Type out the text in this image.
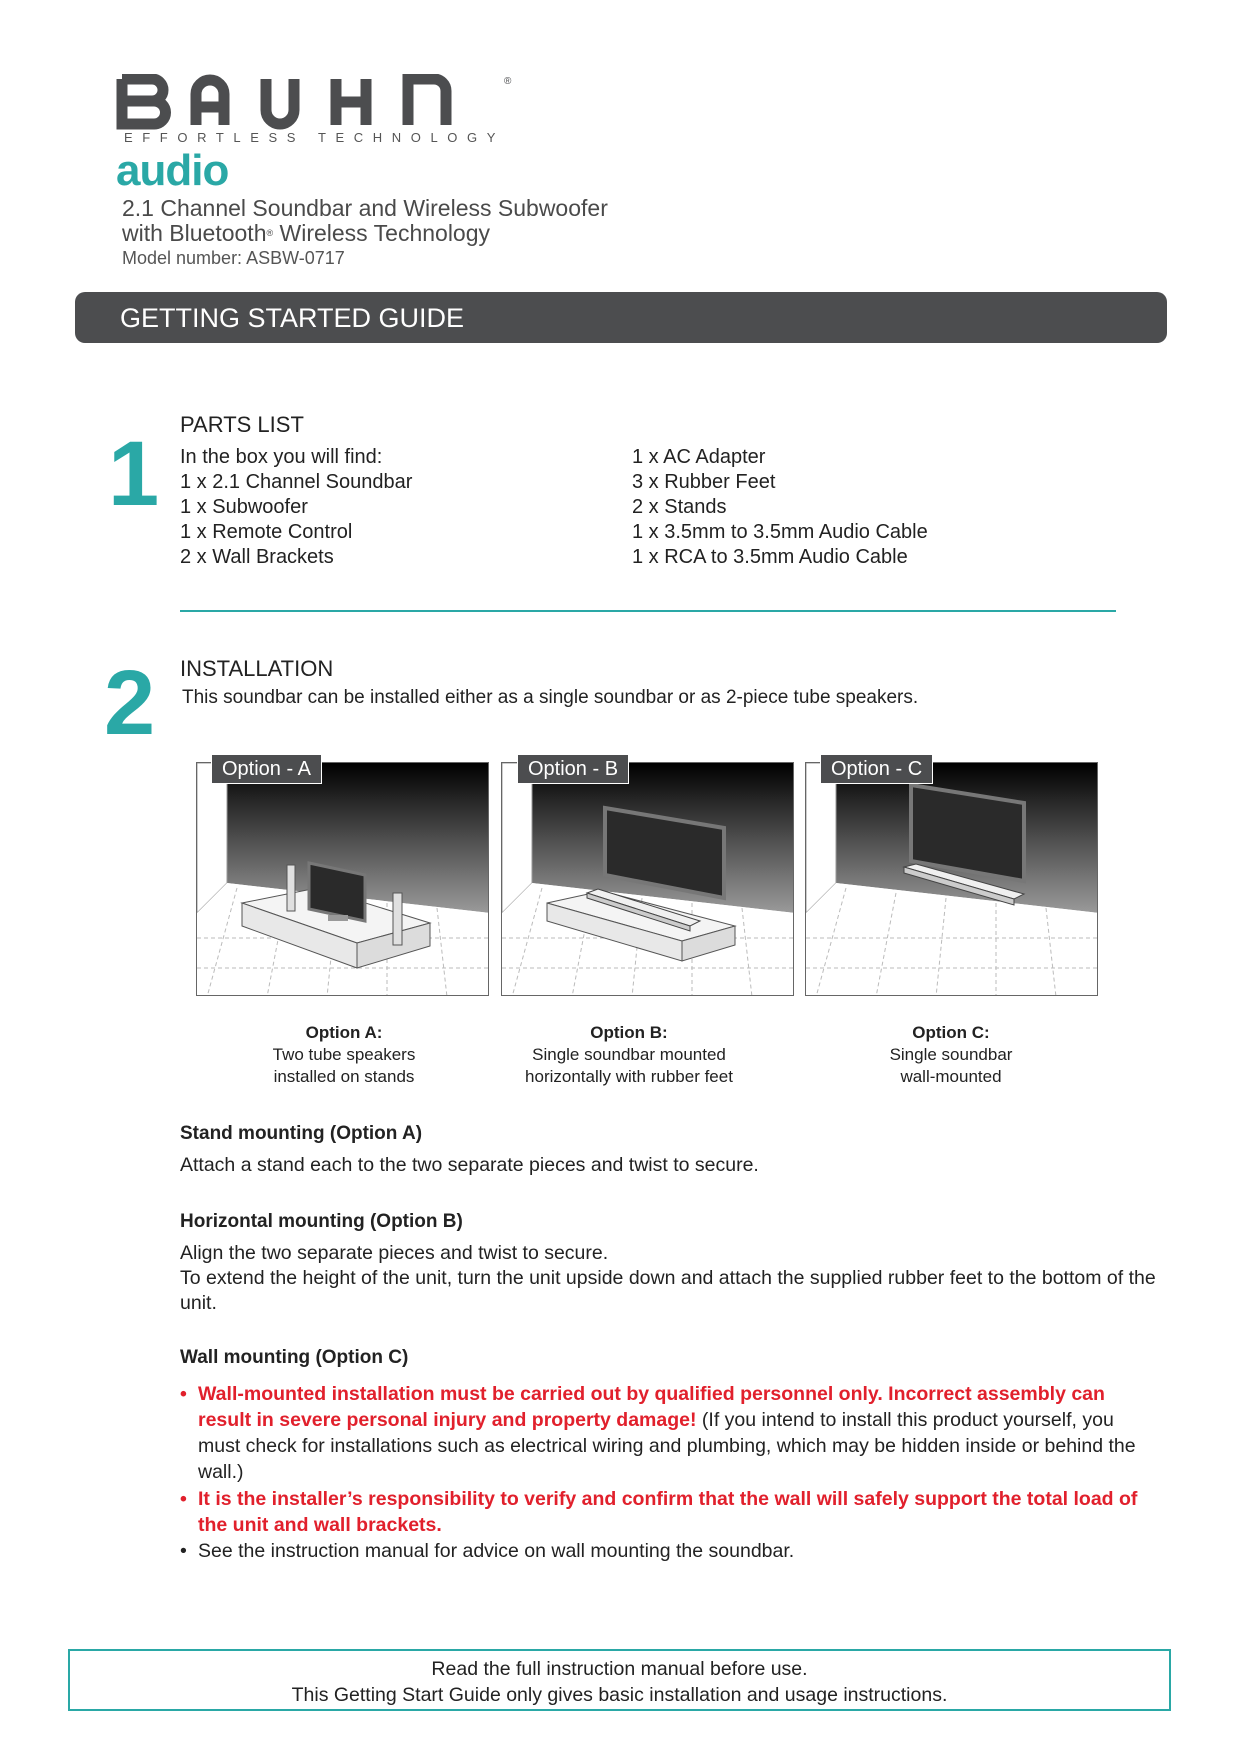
®
EFFORTLESS TECHNOLOGY
audio
2.1 Channel Soundbar and Wireless Subwoofer
with Bluetooth® Wireless Technology
Model number: ASBW-0717
GETTING STARTED GUIDE
1 PARTS LIST
In the box you will find:
1 x 2.1 Channel Soundbar
1 x Subwoofer
1 x Remote Control
2 x Wall Brackets
1 x AC Adapter
3 x Rubber Feet
2 x Stands
1 x 3.5mm to 3.5mm Audio Cable
1 x RCA to 3.5mm Audio Cable
2 INSTALLATION
This soundbar can be installed either as a single soundbar or as 2-piece tube speakers.
Option - A	Option - B	Option - C
Option A:
Two tube speakers
installed on stands
Option B:
Single soundbar mounted
horizontally with rubber feet
Option C:
Single soundbar
wall-mounted
Stand mounting (Option A)
Attach a stand each to the two separate pieces and twist to secure.
Horizontal mounting (Option B)
Align the two separate pieces and twist to secure.
To extend the height of the unit, turn the unit upside down and attach the supplied rubber feet to the bottom of the unit.
Wall mounting (Option C)
• Wall-mounted installation must be carried out by qualified personnel only. Incorrect assembly can result in severe personal injury and property damage! (If you intend to install this product yourself, you must check for installations such as electrical wiring and plumbing, which may be hidden inside or behind the wall.)
• It is the installer’s responsibility to verify and confirm that the wall will safely support the total load of the unit and wall brackets.
• See the instruction manual for advice on wall mounting the soundbar.
Read the full instruction manual before use.
This Getting Start Guide only gives basic installation and usage instructions.
